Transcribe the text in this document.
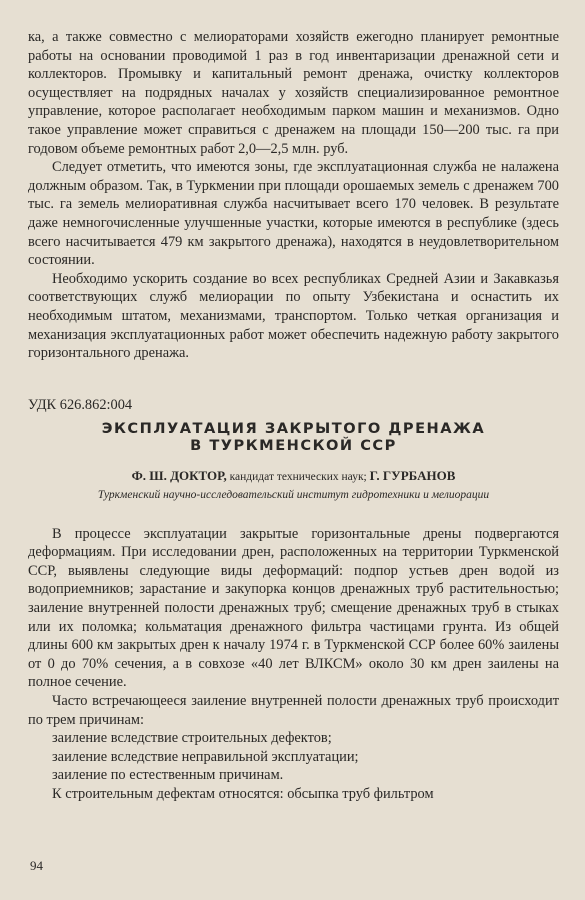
ка, а также совместно с мелиораторами хозяйств ежегодно планирует ремонтные работы на основании проводимой 1 раз в год инвентаризации дренажной сети и коллекторов. Промывку и капитальный ремонт дренажа, очистку коллекторов осуществляет на подрядных началах у хозяйств специализированное ремонтное управление, которое располагает необходимым парком машин и механизмов. Одно такое управление может справиться с дренажем на площади 150—200 тыс. га при годовом объеме ремонтных работ 2,0—2,5 млн. руб.

Следует отметить, что имеются зоны, где эксплуатационная служба не налажена должным образом. Так, в Туркмении при площади орошаемых земель с дренажем 700 тыс. га земель мелиоративная служба насчитывает всего 170 человек. В результате даже немногочисленные улучшенные участки, которые имеются в республике (здесь всего насчитывается 479 км закрытого дренажа), находятся в неудовлетворительном состоянии.

Необходимо ускорить создание во всех республиках Средней Азии и Закавказья соответствующих служб мелиорации по опыту Узбекистана и оснастить их необходимым штатом, механизмами, транспортом. Только четкая организация и механизация эксплуатационных работ может обеспечить надежную работу закрытого горизонтального дренажа.

УДК 626.862:004
ЭКСПЛУАТАЦИЯ ЗАКРЫТОГО ДРЕНАЖА
В ТУРКМЕНСКОЙ ССР
Ф. Ш. ДОКТОР, кандидат технических наук; Г. ГУРБАНОВ
Туркменский научно-исследовательский институт гидротехники и мелиорации

В процессе эксплуатации закрытые горизонтальные дрены подвергаются деформациям. При исследовании дрен, расположенных на территории Туркменской ССР, выявлены следующие виды деформаций: подпор устьев дрен водой из водоприемников; зарастание и закупорка концов дренажных труб растительностью; заиление внутренней полости дренажных труб; смещение дренажных труб в стыках или их поломка; кольматация дренажного фильтра частицами грунта. Из общей длины 600 км закрытых дрен к началу 1974 г. в Туркменской ССР более 60% заилены от 0 до 70% сечения, а в совхозе «40 лет ВЛКСМ» около 30 км дрен заилены на полное сечение.

Часто встречающееся заиление внутренней полости дренажных труб происходит по трем причинам:

заиление вследствие строительных дефектов;

заиление вследствие неправильной эксплуатации;

заиление по естественным причинам.

К строительным дефектам относятся: обсыпка труб фильтром

94
